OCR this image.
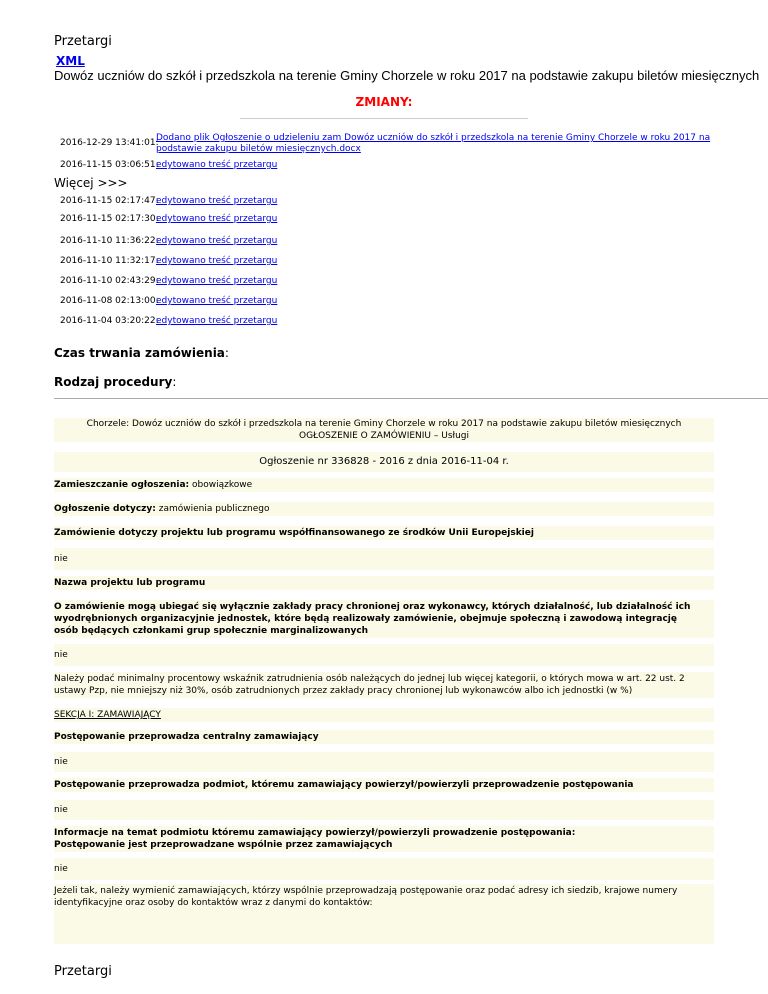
Przetargi
XML
Dowóz uczniów do szkół i przedszkola na terenie Gminy Chorzele w roku 2017 na podstawie zakupu biletów miesięcznych
ZMIANY:
2016-12-29 13:41:01:
Dodano plik Ogłoszenie o udzieleniu zam Dowóz uczniów do szkół i przedszkola na terenie Gminy Chorzele w roku 2017 na podstawie zakupu biletów miesięcznych.docx
2016-11-15 03:06:51:
edytowano treść przetargu
Więcej >>>
2016-11-15 02:17:47:
edytowano treść przetargu
2016-11-15 02:17:30:
edytowano treść przetargu
2016-11-10 11:36:22:
edytowano treść przetargu
2016-11-10 11:32:17:
edytowano treść przetargu
2016-11-10 02:43:29:
edytowano treść przetargu
2016-11-08 02:13:00:
edytowano treść przetargu
2016-11-04 03:20:22:
edytowano treść przetargu
Czas trwania zamówienia:
Rodzaj procedury:
Chorzele: Dowóz uczniów do szkół i przedszkola na terenie Gminy Chorzele w roku 2017 na podstawie zakupu biletów miesięcznych
OGŁOSZENIE O ZAMÓWIENIU – Usługi
Ogłoszenie nr 336828 - 2016 z dnia 2016-11-04 r.
Zamieszczanie ogłoszenia: obowiązkowe
Ogłoszenie dotyczy: zamówienia publicznego
Zamówienie dotyczy projektu lub programu współfinansowanego ze środków Unii Europejskiej
nie
Nazwa projektu lub programu
O zamówienie mogą ubiegać się wyłącznie zakłady pracy chronionej oraz wykonawcy, których działalność, lub działalność ich wyodrębnionych organizacyjnie jednostek, które będą realizowały zamówienie, obejmuje społeczną i zawodową integrację osób będących członkami grup społecznie marginalizowanych
nie
Należy podać minimalny procentowy wskaźnik zatrudnienia osób należących do jednej lub więcej kategorii, o których mowa w art. 22 ust. 2 ustawy Pzp, nie mniejszy niż 30%, osób zatrudnionych przez zakłady pracy chronionej lub wykonawców albo ich jednostki (w %)
SEKCJA I: ZAMAWIAJĄCY
Postępowanie przeprowadza centralny zamawiający
nie
Postępowanie przeprowadza podmiot, któremu zamawiający powierzył/powierzyli przeprowadzenie postępowania
nie
Informacje na temat podmiotu któremu zamawiający powierzył/powierzyli prowadzenie postępowania:
Postępowanie jest przeprowadzane wspólnie przez zamawiających
nie
Jeżeli tak, należy wymienić zamawiających, którzy wspólnie przeprowadzają postępowanie oraz podać adresy ich siedzib, krajowe numery identyfikacyjne oraz osoby do kontaktów wraz z danymi do kontaktów:
Przetargi
